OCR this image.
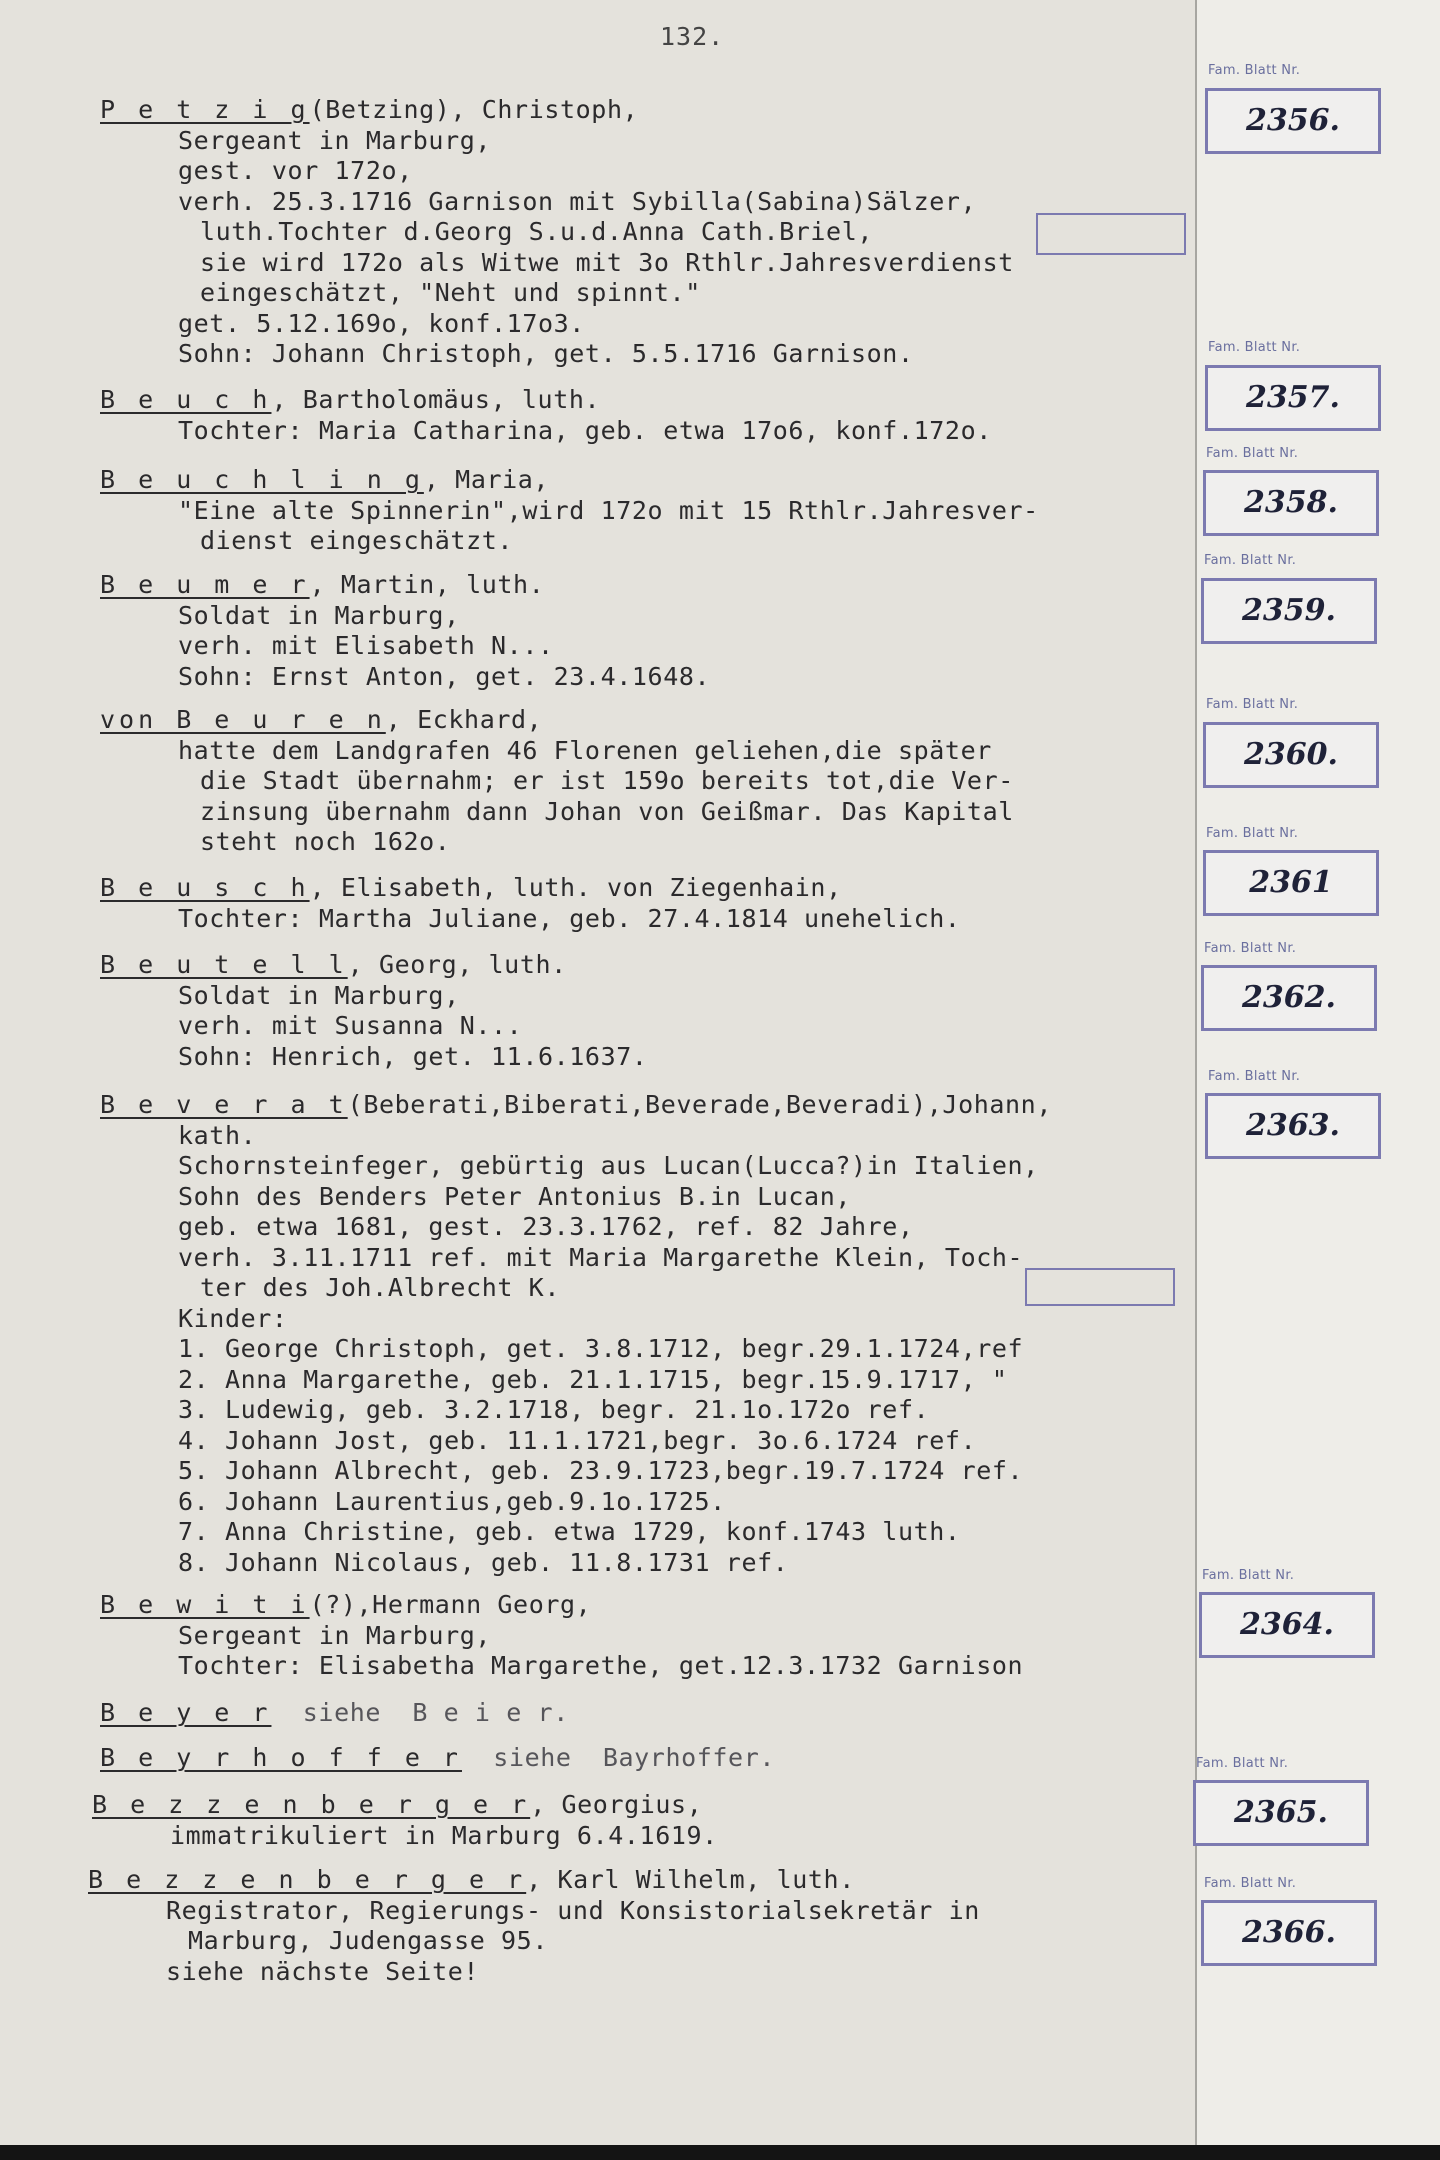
132.
P e t z i g(Betzing), Christoph,
Sergeant in Marburg,
gest. vor 172o,
verh. 25.3.1716 Garnison mit Sybilla(Sabina)Sälzer,
luth.Tochter d.Georg S.u.d.Anna Cath.Briel,
sie wird 172o als Witwe mit 3o Rthlr.Jahresverdienst
eingeschätzt, "Neht und spinnt."
get. 5.12.169o, konf.17o3.
Sohn: Johann Christoph, get. 5.5.1716 Garnison.
B e u c h, Bartholomäus, luth.
Tochter: Maria Catharina, geb. etwa 17o6, konf.172o.
B e u c h l i n g, Maria,
"Eine alte Spinnerin",wird 172o mit 15 Rthlr.Jahresver-
dienst eingeschätzt.
B e u m e r, Martin, luth.
Soldat in Marburg,
verh. mit Elisabeth N...
Sohn: Ernst Anton, get. 23.4.1648.
von B e u r e n, Eckhard,
hatte dem Landgrafen 46 Florenen geliehen,die später
die Stadt übernahm; er ist 159o bereits tot,die Ver-
zinsung übernahm dann Johan von Geißmar. Das Kapital
steht noch 162o.
B e u s c h, Elisabeth, luth. von Ziegenhain,
Tochter: Martha Juliane, geb. 27.4.1814 unehelich.
B e u t e l l, Georg, luth.
Soldat in Marburg,
verh. mit Susanna N...
Sohn: Henrich, get. 11.6.1637.
B e v e r a t(Beberati,Biberati,Beverade,Beveradi),Johann,
kath.
Schornsteinfeger, gebürtig aus Lucan(Lucca?)in Italien,
Sohn des Benders Peter Antonius B.in Lucan,
geb. etwa 1681, gest. 23.3.1762, ref. 82 Jahre,
verh. 3.11.1711 ref. mit Maria Margarethe Klein, Toch-
ter des Joh.Albrecht K.
Kinder:
1. George Christoph, get. 3.8.1712, begr.29.1.1724,ref
2. Anna Margarethe, geb. 21.1.1715, begr.15.9.1717, "
3. Ludewig, geb. 3.2.1718, begr. 21.1o.172o ref.
4. Johann Jost, geb. 11.1.1721,begr. 3o.6.1724 ref.
5. Johann Albrecht, geb. 23.9.1723,begr.19.7.1724 ref.
6. Johann Laurentius,geb.9.1o.1725.
7. Anna Christine, geb. etwa 1729, konf.1743 luth.
8. Johann Nicolaus, geb. 11.8.1731 ref.
B e w i t i(?),Hermann Georg,
Sergeant in Marburg,
Tochter: Elisabetha Margarethe, get.12.3.1732 Garnison
B e y e r  siehe  B e i e r.
B e y r h o f f e r  siehe  Bayrhoffer.
B e z z e n b e r g e r, Georgius,
immatrikuliert in Marburg 6.4.1619.
B e z z e n b e r g e r, Karl Wilhelm, luth.
Registrator, Regierungs- und Konsistorialsekretär in
Marburg, Judengasse 95.
siehe nächste Seite!
Fam. Blatt Nr.
2356.
Fam. Blatt Nr.
2357.
Fam. Blatt Nr.
2358.
Fam. Blatt Nr.
2359.
Fam. Blatt Nr.
2360.
Fam. Blatt Nr.
2361
Fam. Blatt Nr.
2362.
Fam. Blatt Nr.
2363.
Fam. Blatt Nr.
2364.
Fam. Blatt Nr.
2365.
Fam. Blatt Nr.
2366.
